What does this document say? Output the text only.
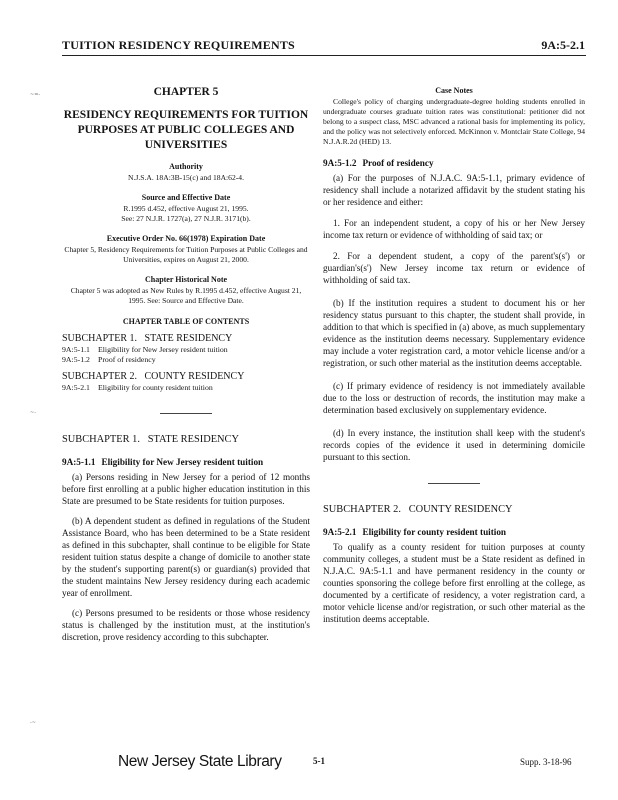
TUITION RESIDENCY REQUIREMENTS	9A:5-2.1
~=-
~-
-~
CHAPTER 5
RESIDENCY REQUIREMENTS FOR TUITION PURPOSES AT PUBLIC COLLEGES AND UNIVERSITIES
Authority
N.J.S.A. 18A:3B-15(c) and 18A:62-4.
Source and Effective Date
R.1995 d.452, effective August 21, 1995.
See: 27 N.J.R. 1727(a), 27 N.J.R. 3171(b).
Executive Order No. 66(1978) Expiration Date
Chapter 5, Residency Requirements for Tuition Purposes at Public Colleges and Universities, expires on August 21, 2000.
Chapter Historical Note
Chapter 5 was adopted as New Rules by R.1995 d.452, effective August 21, 1995. See: Source and Effective Date.
CHAPTER TABLE OF CONTENTS
SUBCHAPTER 1.   STATE RESIDENCY
9A:5-1.1	Eligibility for New Jersey resident tuition
9A:5-1.2	Proof of residency
SUBCHAPTER 2.   COUNTY RESIDENCY
9A:5-2.1	Eligibility for county resident tuition
SUBCHAPTER 1.   STATE RESIDENCY
9A:5-1.1 Eligibility for New Jersey resident tuition
(a) Persons residing in New Jersey for a period of 12 months before first enrolling at a public higher education institution in this State are presumed to be State residents for tuition purposes.
(b) A dependent student as defined in regulations of the Student Assistance Board, who has been determined to be a State resident as defined in this subchapter, shall continue to be eligible for State resident tuition status despite a change of domicile to another state by the student's supporting parent(s) or guardian(s) provided that the student maintains New Jersey residency during each academic year of enrollment.
(c) Persons presumed to be residents or those whose residency status is challenged by the institution must, at the institution's discretion, prove residency according to this subchapter.
Case Notes
College's policy of charging undergraduate-degree holding students enrolled in undergraduate courses graduate tuition rates was constitutional: petitioner did not belong to a suspect class, MSC advanced a rational basis for implementing its policy, and the policy was not selectively enforced. McKinnon v. Montclair State College, 94 N.J.A.R.2d (HED) 13.
9A:5-1.2 Proof of residency
(a) For the purposes of N.J.A.C. 9A:5-1.1, primary evidence of residency shall include a notarized affidavit by the student stating his or her residence and either:
1. For an independent student, a copy of his or her New Jersey income tax return or evidence of withholding of said tax; or
2. For a dependent student, a copy of the parent's(s') or guardian's(s') New Jersey income tax return or evidence of withholding of said tax.
(b) If the institution requires a student to document his or her residency status pursuant to this chapter, the student shall provide, in addition to that which is specified in (a) above, as much supplementary evidence as the institution deems necessary. Supplementary evidence may include a voter registration card, a motor vehicle license and/or a registration, or such other material as the institution deems acceptable.
(c) If primary evidence of residency is not immediately available due to the loss or destruction of records, the institution may make a determination based exclusively on supplementary evidence.
(d) In every instance, the institution shall keep with the student's records copies of the evidence it used in determining domicile pursuant to this section.
SUBCHAPTER 2.   COUNTY RESIDENCY
9A:5-2.1 Eligibility for county resident tuition
To qualify as a county resident for tuition purposes at county community colleges, a student must be a State resident as defined in N.J.A.C. 9A:5-1.1 and have permanent residency in the county or counties sponsoring the college before first enrolling at the college, as documented by a certificate of residency, a voter registration card, a motor vehicle license and/or registration, or such other material as the institution deems acceptable.
New Jersey State Library	5-1	Supp. 3-18-96
